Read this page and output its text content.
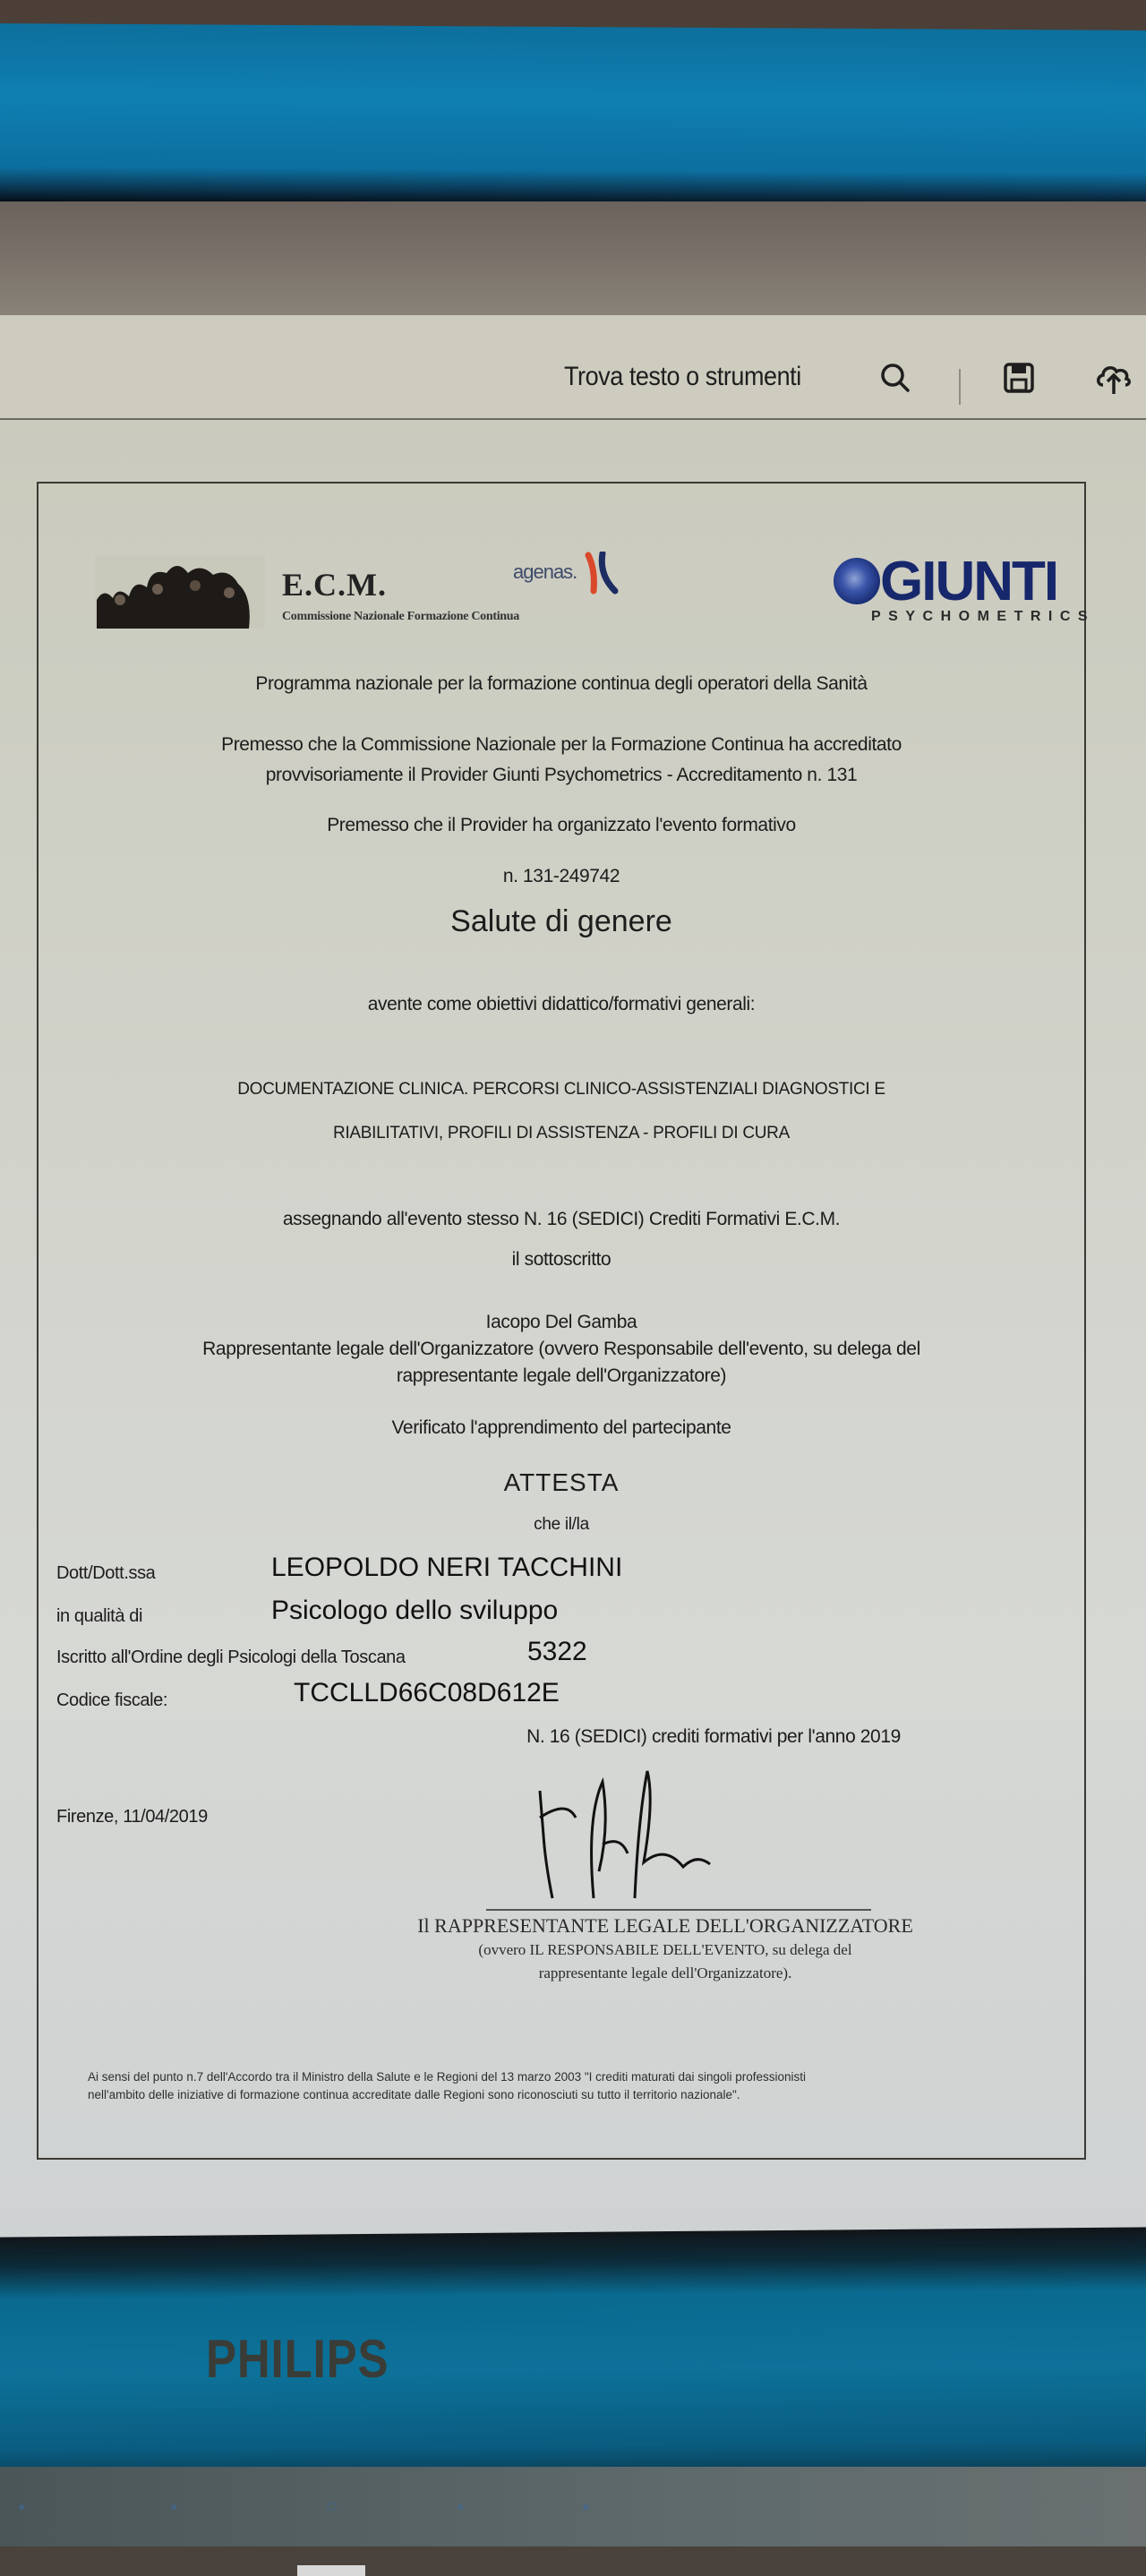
Trova testo o strumenti
E.C.M.
Commissione Nazionale Formazione Continua
agenas.	GIUNTI
PSYCHOMETRICS
Programma nazionale per la formazione continua degli operatori della Sanità
Premesso che la Commissione Nazionale per la Formazione Continua ha accreditato
provvisoriamente il Provider Giunti Psychometrics - Accreditamento n. 131
Premesso che il Provider ha organizzato l'evento formativo
n. 131-249742
Salute di genere
avente come obiettivi didattico/formativi generali:
DOCUMENTAZIONE CLINICA. PERCORSI CLINICO-ASSISTENZIALI DIAGNOSTICI E
RIABILITATIVI, PROFILI DI ASSISTENZA - PROFILI DI CURA
assegnando all'evento stesso N. 16 (SEDICI) Crediti Formativi E.C.M.
il sottoscritto
Iacopo Del Gamba
Rappresentante legale dell'Organizzatore (ovvero Responsabile dell'evento, su delega del
rappresentante legale dell'Organizzatore)
Verificato l'apprendimento del partecipante
ATTESTA
che il/la
Dott/Dott.ssa	LEOPOLDO NERI TACCHINI
in qualità di	Psicologo dello sviluppo
Iscritto all'Ordine degli Psicologi della Toscana	5322
Codice fiscale:	TCCLLD66C08D612E
N. 16 (SEDICI) crediti formativi per l'anno 2019
Firenze, 11/04/2019
Il RAPPRESENTANTE LEGALE DELL'ORGANIZZATORE
(ovvero IL RESPONSABILE DELL'EVENTO, su delega del
rappresentante legale dell'Organizzatore).
Ai sensi del punto n.7 dell'Accordo tra il Ministro della Salute e le Regioni del 13 marzo 2003 "I crediti maturati dai singoli professionisti
nell'ambito delle iniziative di formazione continua accreditate dalle Regioni sono riconosciuti su tutto il territorio nazionale".
PHILIPS
●	●	⏻	●	●
